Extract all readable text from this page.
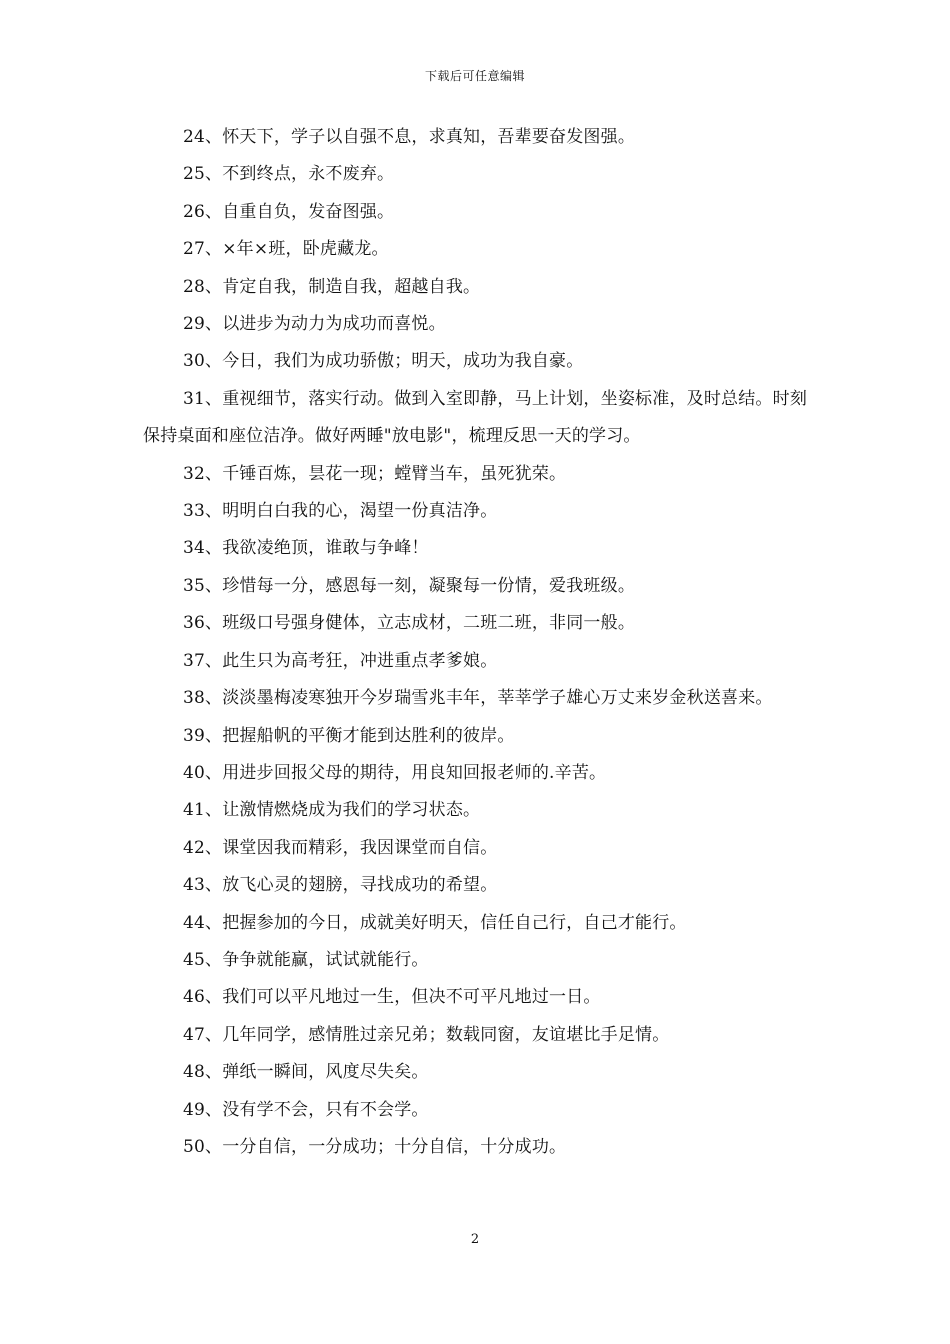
下载后可任意编辑

24、怀天下，学子以自强不息，求真知，吾辈要奋发图强。

25、不到终点，永不废弃。

26、自重自负，发奋图强。

27、×年×班，卧虎藏龙。

28、肯定自我，制造自我，超越自我。

29、以进步为动力为成功而喜悦。

30、今日，我们为成功骄傲；明天，成功为我自豪。

31、重视细节，落实行动。做到入室即静，马上计划，坐姿标准，及时总结。时刻保持桌面和座位洁净。做好两睡"放电影"，梳理反思一天的学习。

32、千锤百炼，昙花一现；螳臂当车，虽死犹荣。

33、明明白白我的心，渴望一份真洁净。

34、我欲凌绝顶，谁敢与争峰！

35、珍惜每一分，感恩每一刻，凝聚每一份情，爱我班级。

36、班级口号强身健体，立志成材，二班二班，非同一般。

37、此生只为高考狂，冲进重点孝爹娘。

38、淡淡墨梅凌寒独开今岁瑞雪兆丰年，莘莘学子雄心万丈来岁金秋送喜来。

39、把握船帆的平衡才能到达胜利的彼岸。

40、用进步回报父母的期待，用良知回报老师的.辛苦。

41、让激情燃烧成为我们的学习状态。

42、课堂因我而精彩，我因课堂而自信。

43、放飞心灵的翅膀，寻找成功的希望。

44、把握参加的今日，成就美好明天，信任自己行，自己才能行。

45、争争就能赢，试试就能行。

46、我们可以平凡地过一生，但决不可平凡地过一日。

47、几年同学，感情胜过亲兄弟；数载同窗，友谊堪比手足情。

48、弹纸一瞬间，风度尽失矣。

49、没有学不会，只有不会学。

50、一分自信，一分成功；十分自信，十分成功。

2
